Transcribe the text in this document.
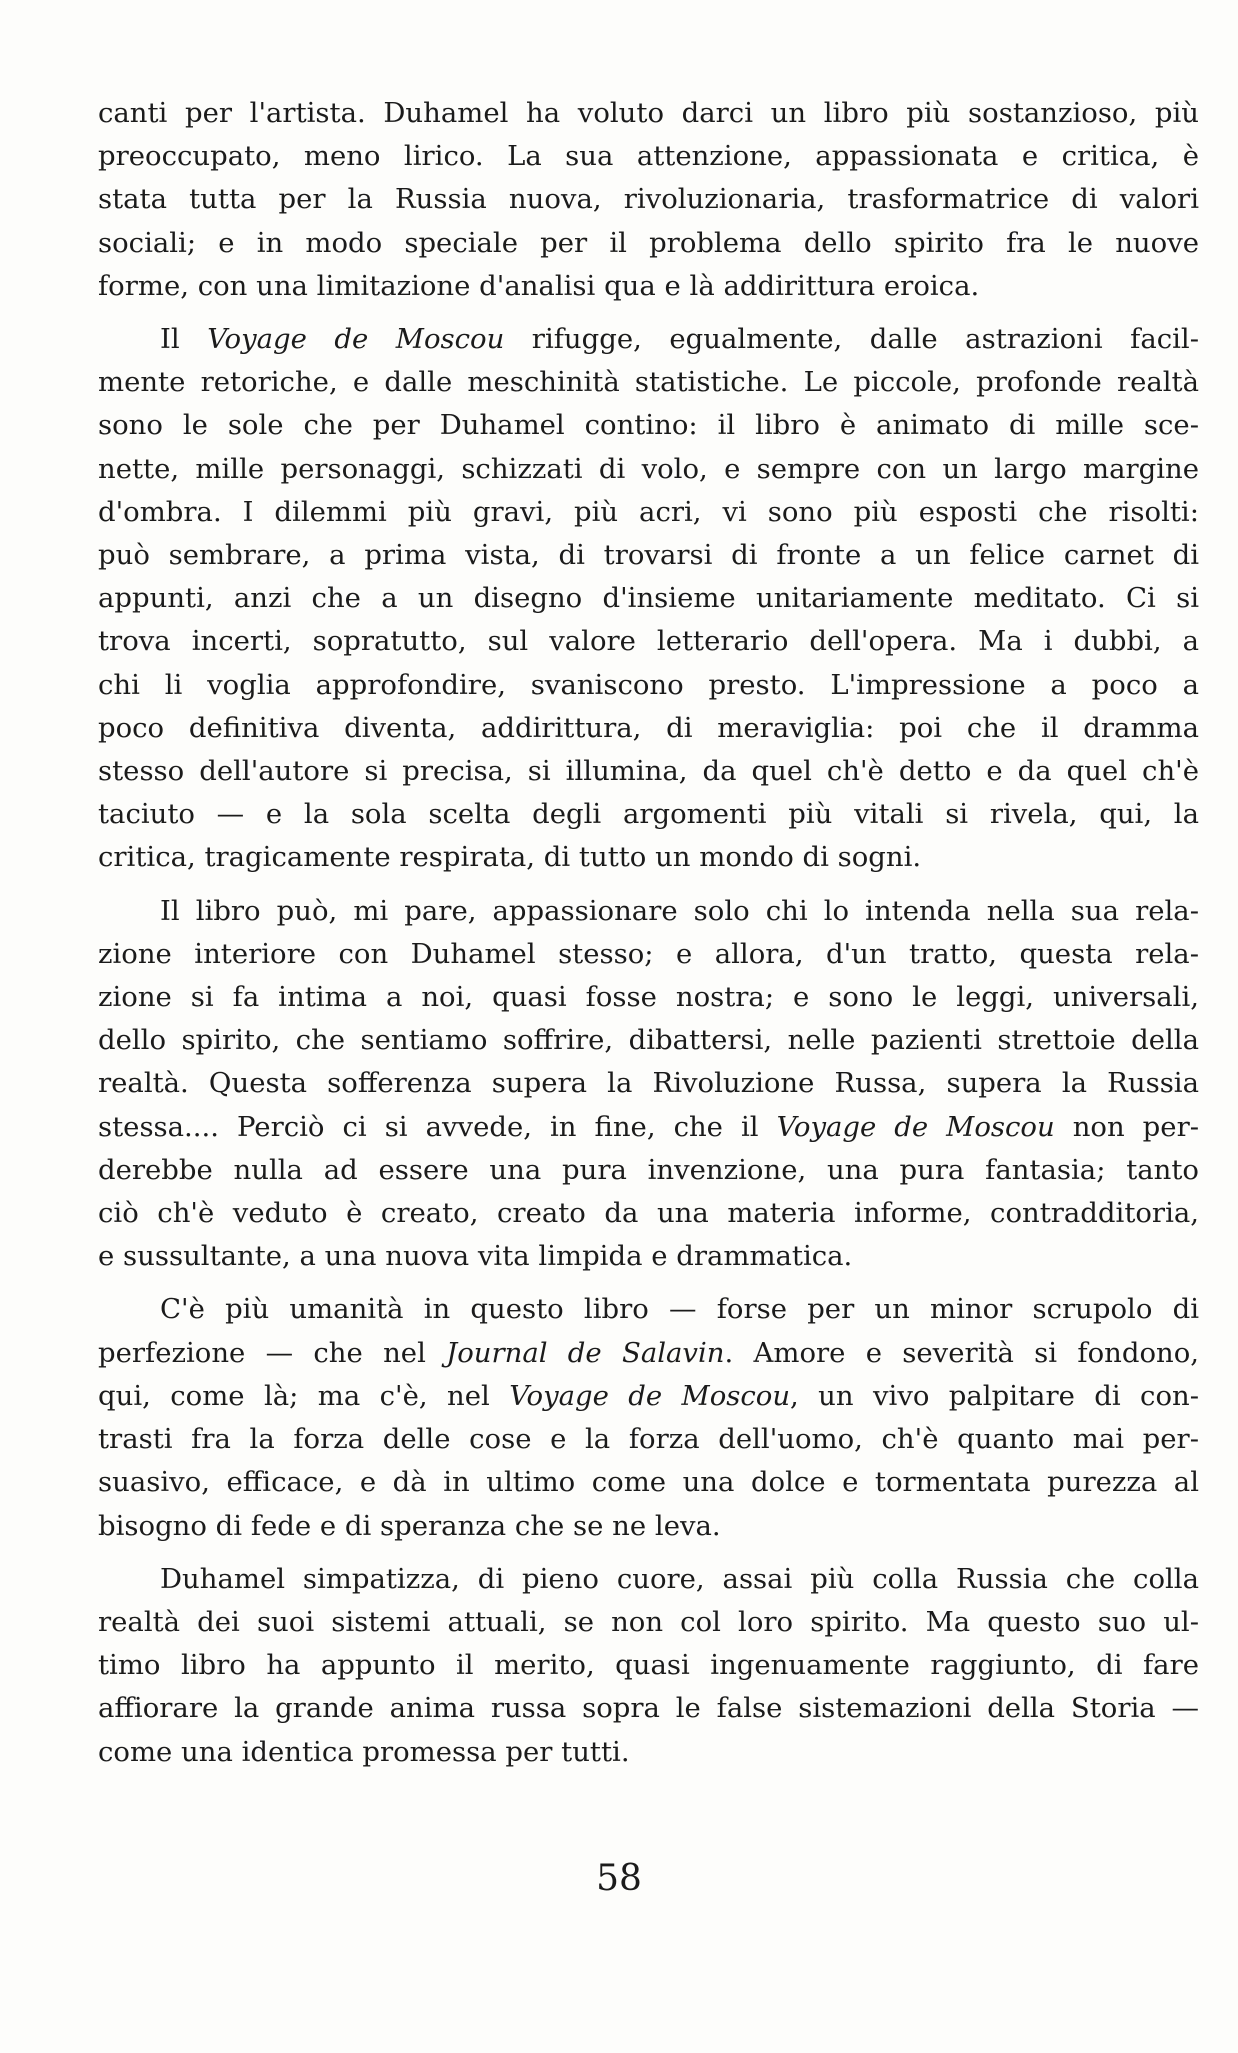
canti per l'artista. Duhamel ha voluto darci un libro più sostanzioso, più
preoccupato, meno lirico. La sua attenzione, appassionata e critica, è
stata tutta per la Russia nuova, rivoluzionaria, trasformatrice di valori
sociali; e in modo speciale per il problema dello spirito fra le nuove
forme, con una limitazione d'analisi qua e là addirittura eroica.

Il Voyage de Moscou rifugge, egualmente, dalle astrazioni facil-
mente retoriche, e dalle meschinità statistiche. Le piccole, profonde realtà
sono le sole che per Duhamel contino: il libro è animato di mille sce-
nette, mille personaggi, schizzati di volo, e sempre con un largo margine
d'ombra. I dilemmi più gravi, più acri, vi sono più esposti che risolti:
può sembrare, a prima vista, di trovarsi di fronte a un felice carnet di
appunti, anzi che a un disegno d'insieme unitariamente meditato. Ci si
trova incerti, sopratutto, sul valore letterario dell'opera. Ma i dubbi, a
chi li voglia approfondire, svaniscono presto. L'impressione a poco a
poco definitiva diventa, addirittura, di meraviglia: poi che il dramma
stesso dell'autore si precisa, si illumina, da quel ch'è detto e da quel ch'è
taciuto — e la sola scelta degli argomenti più vitali si rivela, qui, la
critica, tragicamente respirata, di tutto un mondo di sogni.

Il libro può, mi pare, appassionare solo chi lo intenda nella sua rela-
zione interiore con Duhamel stesso; e allora, d'un tratto, questa rela-
zione si fa intima a noi, quasi fosse nostra; e sono le leggi, universali,
dello spirito, che sentiamo soffrire, dibattersi, nelle pazienti strettoie della
realtà. Questa sofferenza supera la Rivoluzione Russa, supera la Russia
stessa.... Perciò ci si avvede, in fine, che il Voyage de Moscou non per-
derebbe nulla ad essere una pura invenzione, una pura fantasia; tanto
ciò ch'è veduto è creato, creato da una materia informe, contradditoria,
e sussultante, a una nuova vita limpida e drammatica.

C'è più umanità in questo libro — forse per un minor scrupolo di
perfezione — che nel Journal de Salavin. Amore e severità si fondono,
qui, come là; ma c'è, nel Voyage de Moscou, un vivo palpitare di con-
trasti fra la forza delle cose e la forza dell'uomo, ch'è quanto mai per-
suasivo, efficace, e dà in ultimo come una dolce e tormentata purezza al
bisogno di fede e di speranza che se ne leva.

Duhamel simpatizza, di pieno cuore, assai più colla Russia che colla
realtà dei suoi sistemi attuali, se non col loro spirito. Ma questo suo ul-
timo libro ha appunto il merito, quasi ingenuamente raggiunto, di fare
affiorare la grande anima russa sopra le false sistemazioni della Storia —
come una identica promessa per tutti.

58
